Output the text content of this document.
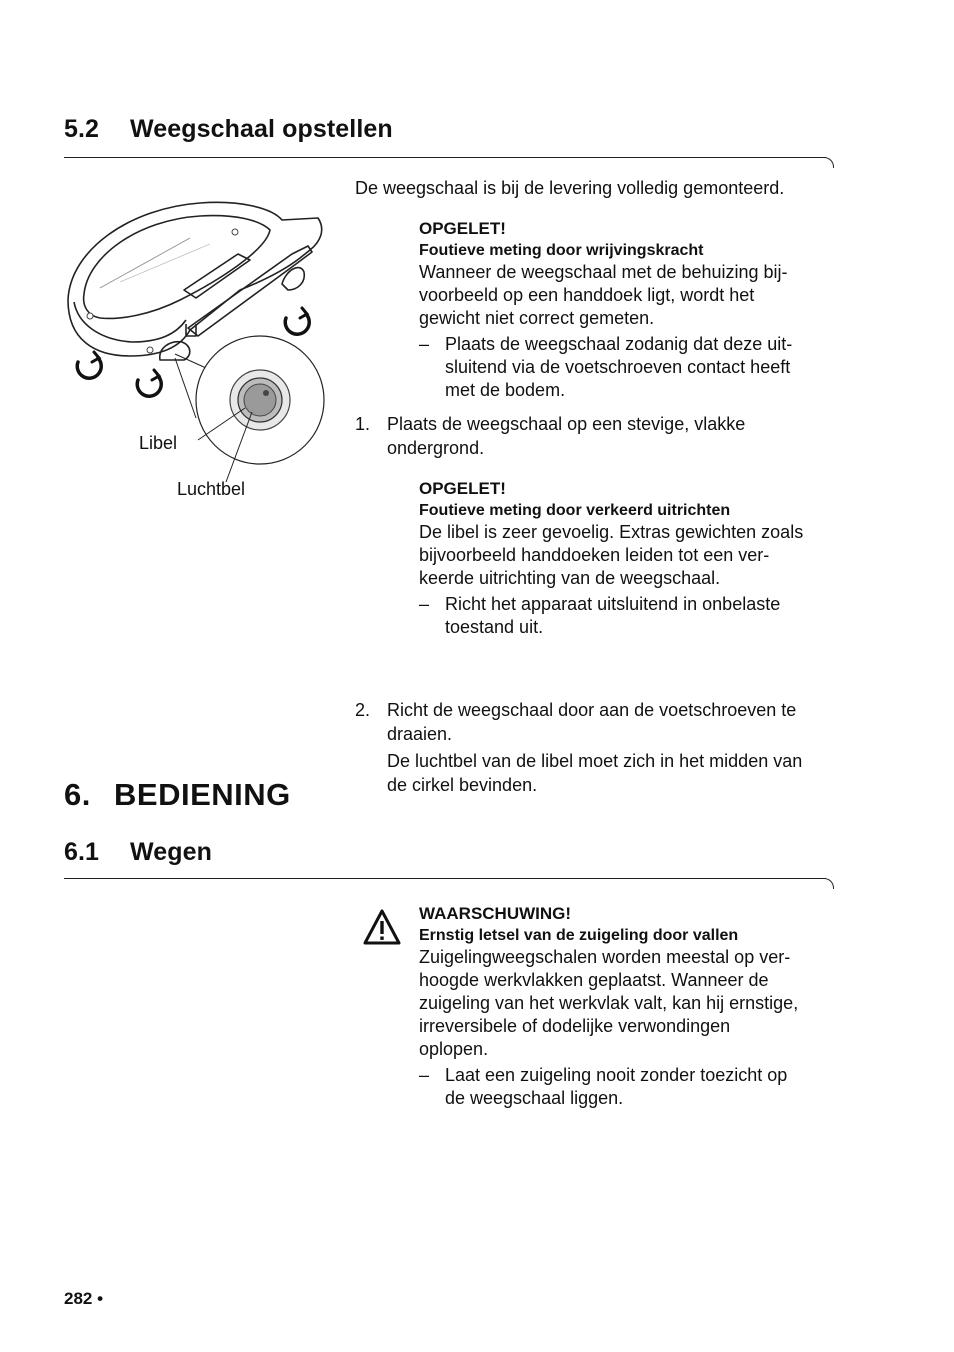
5.2 Weegschaal opstellen
Libel
Luchtbel
De weegschaal is bij de levering volledig gemonteerd.
OPGELET!
Foutieve meting door wrijvingskracht
Wanneer de weegschaal met de behuizing bij-
voorbeeld op een handdoek ligt, wordt het
gewicht niet correct gemeten.
– Plaats de weegschaal zodanig dat deze uit-
sluitend via de voetschroeven contact heeft
met de bodem.
1. Plaats de weegschaal op een stevige, vlakke
ondergrond.
OPGELET!
Foutieve meting door verkeerd uitrichten
De libel is zeer gevoelig. Extras gewichten zoals
bijvoorbeeld handdoeken leiden tot een ver-
keerde uitrichting van de weegschaal.
– Richt het apparaat uitsluitend in onbelaste
toestand uit.
2. Richt de weegschaal door aan de voetschroeven te
draaien.
De luchtbel van de libel moet zich in het midden van
de cirkel bevinden.
6. BEDIENING
6.1 Wegen
WAARSCHUWING!
Ernstig letsel van de zuigeling door vallen
Zuigelingweegschalen worden meestal op ver-
hoogde werkvlakken geplaatst. Wanneer de
zuigeling van het werkvlak valt, kan hij ernstige,
irreversibele of dodelijke verwondingen
oplopen.
– Laat een zuigeling nooit zonder toezicht op
de weegschaal liggen.
282 •
